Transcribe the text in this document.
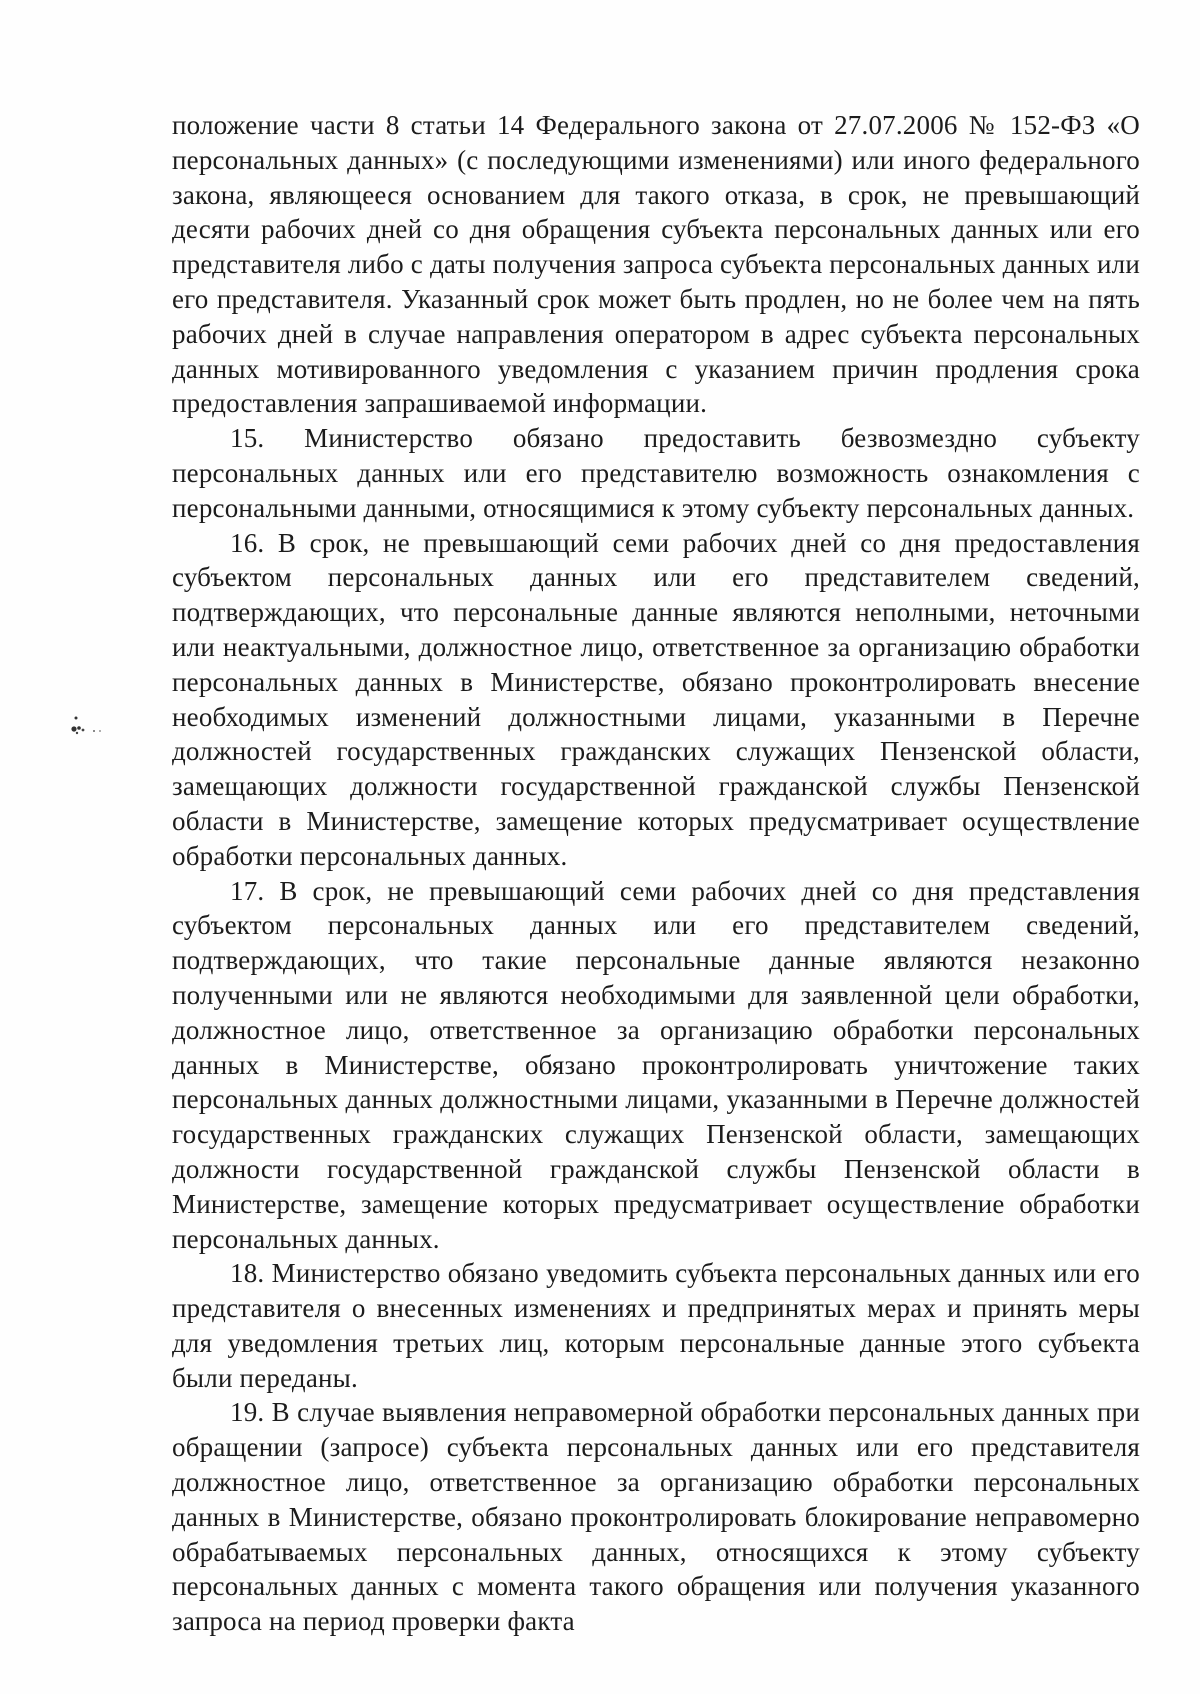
положение части 8 статьи 14 Федерального закона от 27.07.2006 № 152-ФЗ «О персональных данных» (с последующими изменениями) или иного федерального закона, являющееся основанием для такого отказа, в срок, не превышающий десяти рабочих дней со дня обращения субъекта персональных данных или его представителя либо с даты получения запроса субъекта персональных данных или его представителя. Указанный срок может быть продлен, но не более чем на пять рабочих дней в случае направления оператором в адрес субъекта персональных данных мотивированного уведомления с указанием причин продления срока предоставления запрашиваемой информации.

15. Министерство обязано предоставить безвозмездно субъекту персональных данных или его представителю возможность ознакомления с персональными данными, относящимися к этому субъекту персональных данных.

16. В срок, не превышающий семи рабочих дней со дня предоставления субъектом персональных данных или его представителем сведений, подтверждающих, что персональные данные являются неполными, неточными или неактуальными, должностное лицо, ответственное за организацию обработки персональных данных в Министерстве, обязано проконтролировать внесение необходимых изменений должностными лицами, указанными в Перечне должностей государственных гражданских служащих Пензенской области, замещающих должности государственной гражданской службы Пензенской области в Министерстве, замещение которых предусматривает осуществление обработки персональных данных.

17. В срок, не превышающий семи рабочих дней со дня представления субъектом персональных данных или его представителем сведений, подтверждающих, что такие персональные данные являются незаконно полученными или не являются необходимыми для заявленной цели обработки, должностное лицо, ответственное за организацию обработки персональных данных в Министерстве, обязано проконтролировать уничтожение таких персональных данных должностными лицами, указанными в Перечне должностей государственных гражданских служащих Пензенской области, замещающих должности государственной гражданской службы Пензенской области в Министерстве, замещение которых предусматривает осуществление обработки персональных данных.

18. Министерство обязано уведомить субъекта персональных данных или его представителя о внесенных изменениях и предпринятых мерах и принять меры для уведомления третьих лиц, которым персональные данные этого субъекта были переданы.

19. В случае выявления неправомерной обработки персональных данных при обращении (запросе) субъекта персональных данных или его представителя должностное лицо, ответственное за организацию обработки персональных данных в Министерстве, обязано проконтролировать блокирование неправомерно обрабатываемых персональных данных, относящихся к этому субъекту персональных данных с момента такого обращения или получения указанного запроса на период проверки факта
